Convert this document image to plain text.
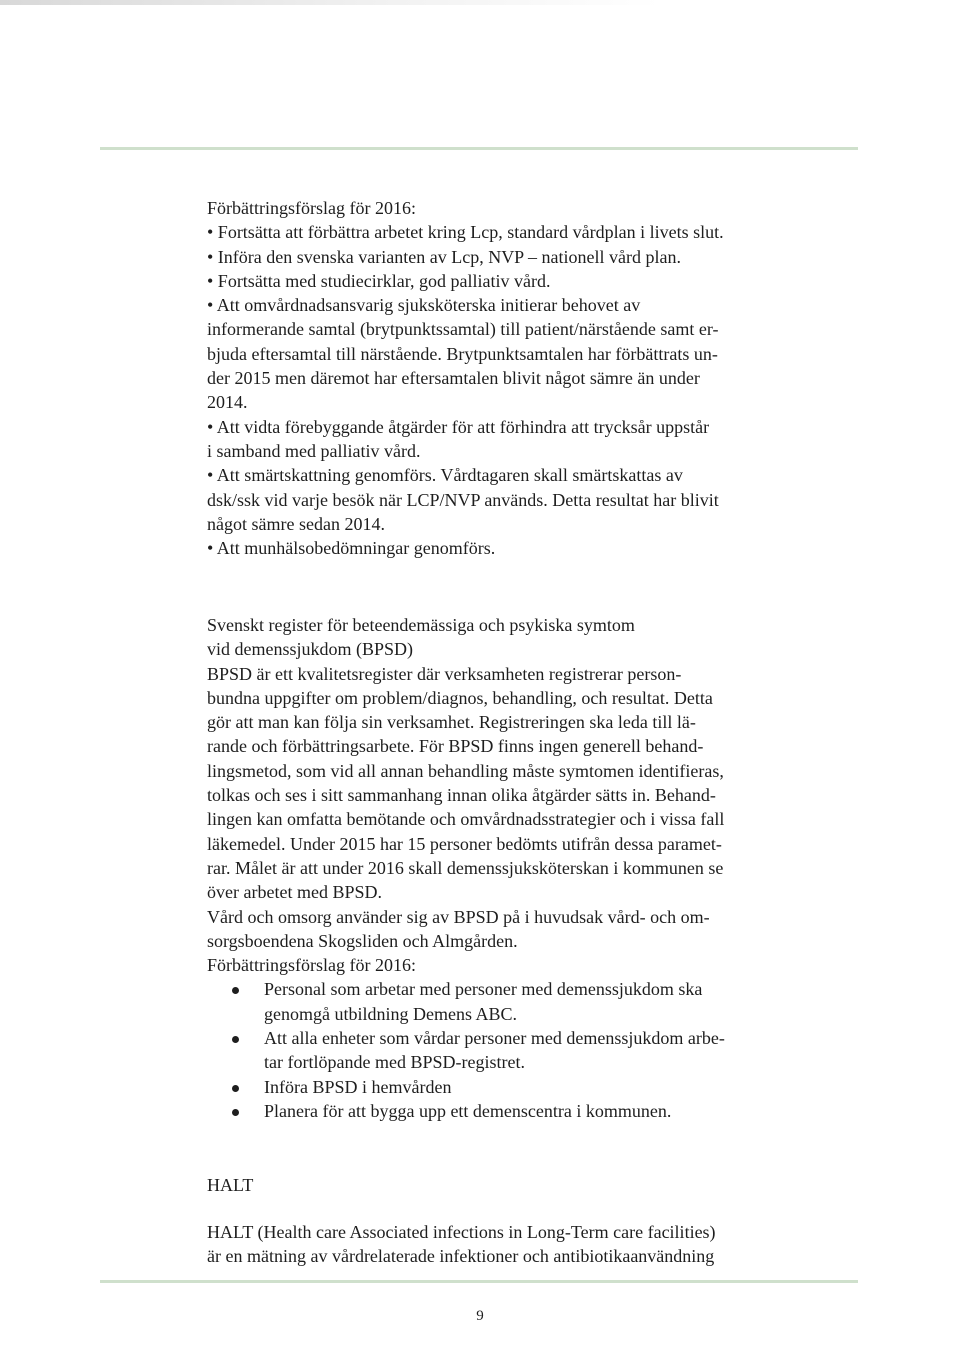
Förbättringsförslag för 2016:

• Fortsätta att förbättra arbetet kring Lcp, standard vårdplan i livets slut.
• Införa den svenska varianten av Lcp, NVP – nationell vård plan.
• Fortsätta med studiecirklar, god palliativ vård.
• Att omvårdnadsansvarig sjuksköterska initierar behovet av
informerande samtal (brytpunktssamtal) till patient/närstående samt er-
bjuda eftersamtal till närstående. Brytpunktsamtalen har förbättrats un-
der 2015 men däremot har eftersamtalen blivit något sämre än under
2014.
• Att vidta förebyggande åtgärder för att förhindra att trycksår uppstår
i samband med palliativ vård.
• Att smärtskattning genomförs. Vårdtagaren skall smärtskattas av
dsk/ssk vid varje besök när LCP/NVP används. Detta resultat har blivit
något sämre sedan 2014.
• Att munhälsobedömningar genomförs.

Svenskt register för beteendemässiga och psykiska symtom
vid demenssjukdom (BPSD)

BPSD är ett kvalitetsregister där verksamheten registrerar person-
bundna uppgifter om problem/diagnos, behandling, och resultat. Detta
gör att man kan följa sin verksamhet. Registreringen ska leda till lä-
rande och förbättringsarbete. För BPSD finns ingen generell behand-
lingsmetod, som vid all annan behandling måste symtomen identifieras,
tolkas och ses i sitt sammanhang innan olika åtgärder sätts in. Behand-
lingen kan omfatta bemötande och omvårdnadsstrategier och i vissa fall
läkemedel. Under 2015 har 15 personer bedömts utifrån dessa paramet-
rar. Målet är att under 2016 skall demenssjuksköterskan i kommunen se
över arbetet med BPSD.
Vård och omsorg använder sig av BPSD på i huvudsak vård- och om-
sorgsboendena Skogsliden och Almgården.

Förbättringsförslag för 2016:

Personal som arbetar med personer med demenssjukdom ska
genomgå utbildning Demens ABC.
Att alla enheter som vårdar personer med demenssjukdom arbe-
tar fortlöpande med BPSD-registret.
Införa BPSD i hemvården
Planera för att bygga upp ett demenscentra i kommunen.

HALT

HALT (Health care Associated infections in Long-Term care facilities)
är en mätning av vårdrelaterade infektioner och antibiotikaanvändning

9
